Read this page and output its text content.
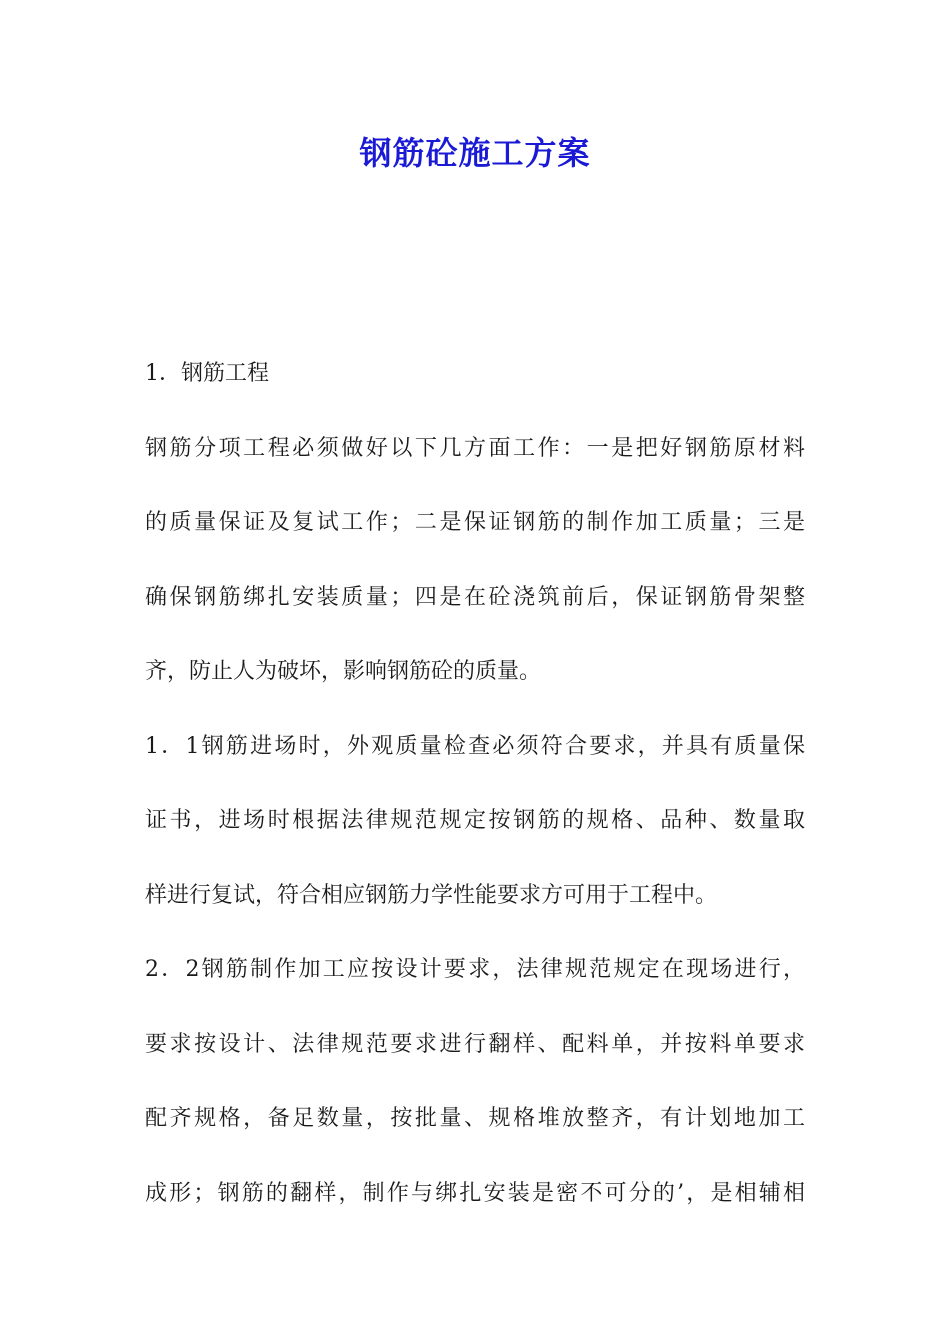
钢筋砼施工方案
1．钢筋工程
钢筋分项工程必须做好以下几方面工作：一是把好钢筋原材料
的质量保证及复试工作；二是保证钢筋的制作加工质量；三是
确保钢筋绑扎安装质量；四是在砼浇筑前后，保证钢筋骨架整
齐，防止人为破坏，影响钢筋砼的质量。
1．1钢筋进场时，外观质量检查必须符合要求，并具有质量保
证书，进场时根据法律规范规定按钢筋的规格、品种、数量取
样进行复试，符合相应钢筋力学性能要求方可用于工程中。
2．2钢筋制作加工应按设计要求，法律规范规定在现场进行，
要求按设计、法律规范要求进行翻样、配料单，并按料单要求
配齐规格，备足数量，按批量、规格堆放整齐，有计划地加工
成形；钢筋的翻样，制作与绑扎安装是密不可分的’，是相辅相
